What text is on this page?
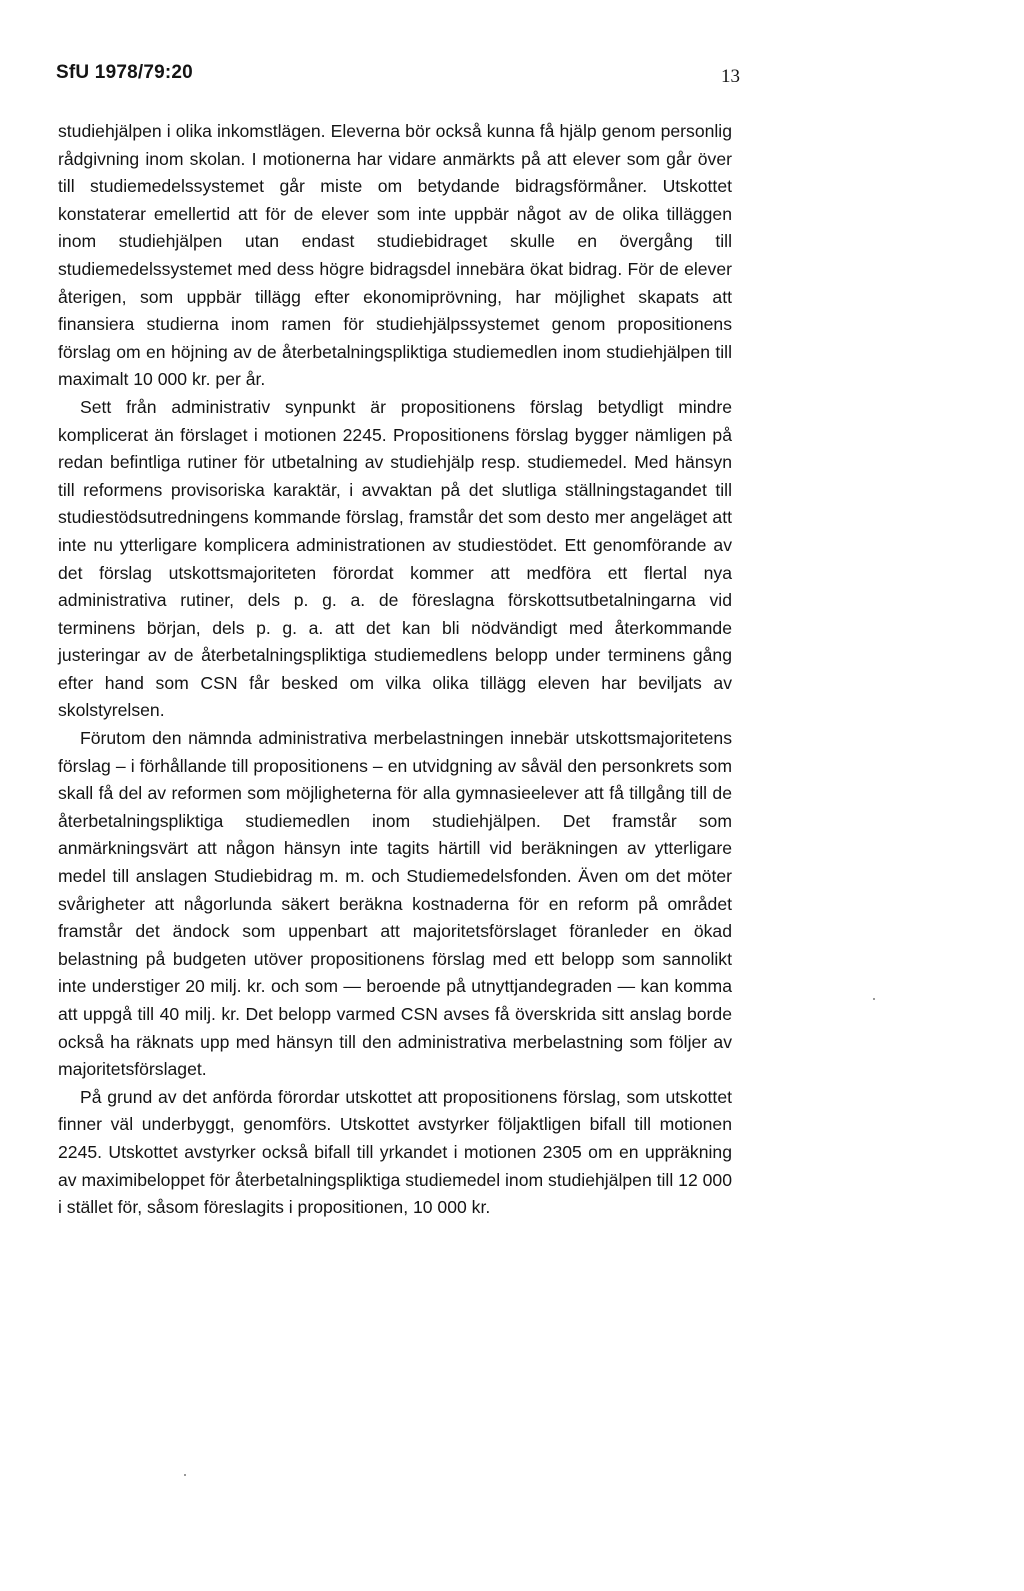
SfU 1978/79:20	13

studiehjälpen i olika inkomstlägen. Eleverna bör också kunna få hjälp genom personlig rådgivning inom skolan. I motionerna har vidare anmärkts på att elever som går över till studiemedelssystemet går miste om betydande bidragsförmåner. Utskottet konstaterar emellertid att för de elever som inte uppbär något av de olika tilläggen inom studiehjälpen utan endast studiebidraget skulle en övergång till studiemedelssystemet med dess högre bidragsdel innebära ökat bidrag. För de elever återigen, som uppbär tillägg efter ekonomiprövning, har möjlighet skapats att finansiera studierna inom ramen för studiehjälpssystemet genom propositionens förslag om en höjning av de återbetalningspliktiga studiemedlen inom studiehjälpen till maximalt 10 000 kr. per år.

Sett från administrativ synpunkt är propositionens förslag betydligt mindre komplicerat än förslaget i motionen 2245. Propositionens förslag bygger nämligen på redan befintliga rutiner för utbetalning av studiehjälp resp. studiemedel. Med hänsyn till reformens provisoriska karaktär, i avvaktan på det slutliga ställningstagandet till studiestödsutredningens kommande förslag, framstår det som desto mer angeläget att inte nu ytterligare komplicera administrationen av studiestödet. Ett genomförande av det förslag utskottsmajoriteten förordat kommer att medföra ett flertal nya administrativa rutiner, dels p. g. a. de föreslagna förskottsutbetalningarna vid terminens början, dels p. g. a. att det kan bli nödvändigt med återkommande justeringar av de återbetalningspliktiga studiemedlens belopp under terminens gång efter hand som CSN får besked om vilka olika tillägg eleven har beviljats av skolstyrelsen.

Förutom den nämnda administrativa merbelastningen innebär utskottsmajoritetens förslag – i förhållande till propositionens – en utvidgning av såväl den personkrets som skall få del av reformen som möjligheterna för alla gymnasieelever att få tillgång till de återbetalningspliktiga studiemedlen inom studiehjälpen. Det framstår som anmärkningsvärt att någon hänsyn inte tagits härtill vid beräkningen av ytterligare medel till anslagen Studiebidrag m. m. och Studiemedelsfonden. Även om det möter svårigheter att någorlunda säkert beräkna kostnaderna för en reform på området framstår det ändock som uppenbart att majoritetsförslaget föranleder en ökad belastning på budgeten utöver propositionens förslag med ett belopp som sannolikt inte understiger 20 milj. kr. och som — beroende på utnyttjandegraden — kan komma att uppgå till 40 milj. kr. Det belopp varmed CSN avses få överskrida sitt anslag borde också ha räknats upp med hänsyn till den administrativa merbelastning som följer av majoritetsförslaget.

På grund av det anförda förordar utskottet att propositionens förslag, som utskottet finner väl underbyggt, genomförs. Utskottet avstyrker följaktligen bifall till motionen 2245. Utskottet avstyrker också bifall till yrkandet i motionen 2305 om en uppräkning av maximibeloppet för återbetalningspliktiga studiemedel inom studiehjälpen till 12 000 i stället för, såsom föreslagits i propositionen, 10 000 kr.
